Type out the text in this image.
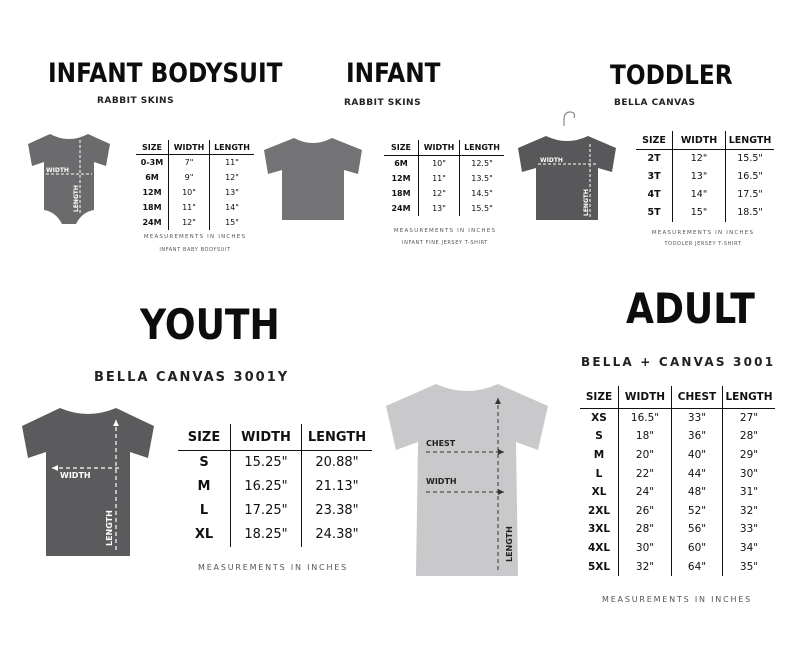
INFANT BODYSUIT
RABBIT SKINS
WIDTH
LENGTH
SIZE	WIDTH	LENGTH
0-3M	7"	11"
6M	9"	12"
12M	10"	13"
18M	11"	14"
24M	12"	15"
MEASUREMENTS IN INCHES
INFANT BABY BODYSUIT
INFANT
RABBIT SKINS
SIZE	WIDTH	LENGTH
6M	10"	12.5"
12M	11"	13.5"
18M	12"	14.5"
24M	13"	15.5"
MEASUREMENTS IN INCHES
INFANT FINE JERSEY T-SHIRT
TODDLER
BELLA CANVAS
WIDTH
LENGTH
SIZE	WIDTH	LENGTH
2T	12"	15.5"
3T	13"	16.5"
4T	14"	17.5"
5T	15"	18.5"
MEASUREMENTS IN INCHES
TODDLER JERSEY T-SHIRT
YOUTH
BELLA CANVAS 3001Y
WIDTH
LENGTH
SIZE	WIDTH	LENGTH
S	15.25"	20.88"
M	16.25"	21.13"
L	17.25"	23.38"
XL	18.25"	24.38"
MEASUREMENTS IN INCHES
ADULT
BELLA + CANVAS 3001
CHEST
WIDTH
LENGTH
SIZE	WIDTH	CHEST	LENGTH
XS	16.5"	33"	27"
S	18"	36"	28"
M	20"	40"	29"
L	22"	44"	30"
XL	24"	48"	31"
2XL	26"	52"	32"
3XL	28"	56"	33"
4XL	30"	60"	34"
5XL	32"	64"	35"
MEASUREMENTS IN INCHES
